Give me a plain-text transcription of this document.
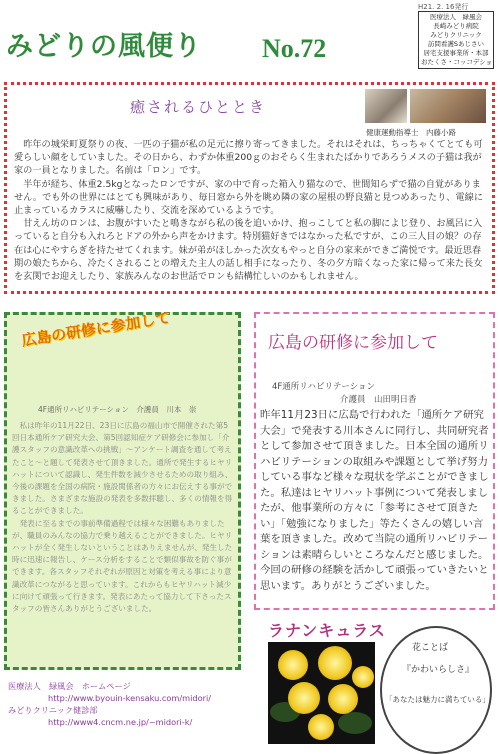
みどりの風便り No.72
H21. 2. 16発行
医療法人　緑風会
長崎みどり病院
みどりクリニック
訪問看護Sあじさい
居宅支援事業所・本部
おたくさ・コッコデショ
癒されるひととき
健康運動指導士　内藤小路

昨年の城栄町夏祭りの夜、一匹の子猫が私の足元に擦り寄ってきました。それはそれは、ちっちゃくてとても可愛らしい顔をしていました。その日から、わずか体重200ｇのおそらく生まれたばかりであろうメスの子猫は我が家の一員となりました。名前は「ロン」です。

半年が経ち、体重2.5kgとなったロンですが、家の中で育った箱入り猫なので、世間知らずで猫の自覚がありません。でも外の世界にはとても興味があり、毎日窓から外を眺め隣の家の屋根の野良猫と見つめあったり、電線に止まっているカラスに威嚇したり、交流を深めているようです。

甘えん坊のロンは、お腹がすいたと鳴きながら私の後を追いかけ、抱っこしてと私の脚によじ登り、お風呂に入っていると自分も入れろとドアの外から声をかけます。特別猫好きではなかった私ですが、この三人目の娘？の存在は心にやすらぎを持たせてくれます。妹が弟がほしかった次女もやっと自分の家来ができご満悦です。最近思春期の娘たちから、冷たくされることの増えた主人の話し相手になったり、冬の夕方暗くなった家に帰って来た長女を玄関でお迎えしたり、家族みんなのお世話でロンも結構忙しいのかもしれません。

広島の研修に参加して
4F通所リハビリテーション　介護員　川本　崇

私は昨年の11月22日、23日に広島の福山市で開催された第5回日本通所ケア研究大会、第5回認知症ケア研修会に参加し「介護スタッフの意識改革への挑戦」〜アンケート調査を通して考えたこと〜と題して発表させて頂きました。通所で発生するヒヤリハットについて認識し、発生件数を減少させるための取り組み、今後の課題を全国の病院・施設関係者の方々にお伝えする事ができました。さまざまな施設の発表を多数拝聴し、多くの情報を得ることができました。

発表に至るまでの事前準備過程では様々な困難もありましたが、職員のみんなの協力で乗り越えることができました。ヒヤリハットが全く発生しないということはありえませんが、発生した時に迅速に報告し、ケース分析をすることで類似事故を防ぐ事ができます。各スタッフそれぞれが原因と対策を考える事により意識改革につながると思っています。これからもヒヤリハット減少に向けて頑張って行きます。発表にあたって協力して下さったスタッフの皆さんありがとうございました。

医療法人　緑風会　ホームページ
http://www.byouin-kensaku.com/midori/
みどりクリニック健診部
http://www4.cncm.ne.jp/~midori-k/
広島の研修に参加して
4F通所リハビリテーション
介護員　山田明日香
昨年11月23日に広島で行われた「通所ケア研究大会」で発表する川本さんに同行し、共同研究者として参加させて頂きました。日本全国の通所リハビリテーションの取組みや課題として挙げ努力している事など様々な現状を学ぶことができました。私達はヒヤリハット事例について発表しましたが、他事業所の方々に「参考にさせて頂きたい」「勉強になりました」等たくさんの嬉しい言葉を頂きました。改めて当院の通所リハビリテーションは素晴らしいところなんだと感じました。今回の研修の経験を活かして頑張っていきたいと思います。ありがとうございました。
ラナンキュラス
花ことば
『かわいらしさ』
「あなたは魅力に満ちている」
